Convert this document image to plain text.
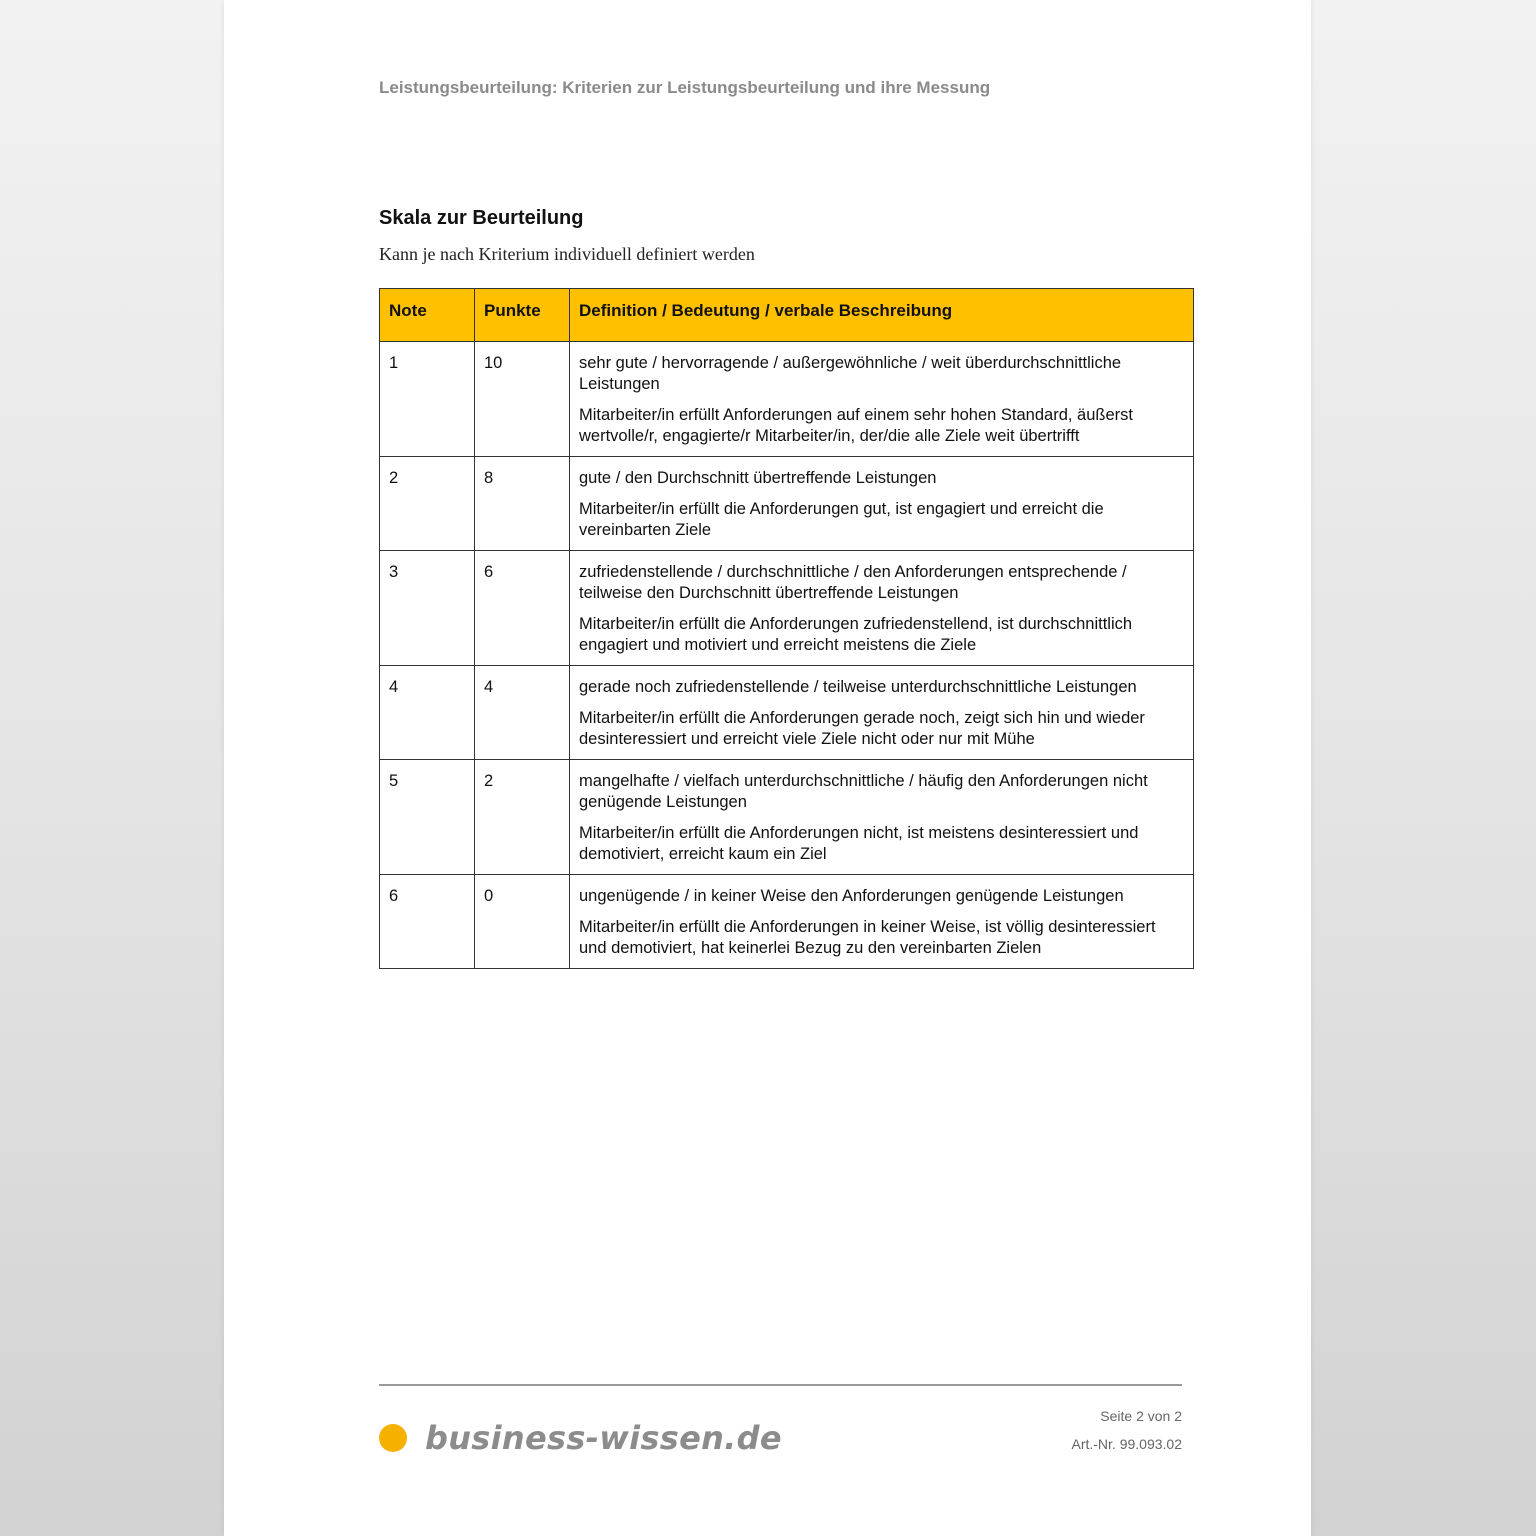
Leistungsbeurteilung: Kriterien zur Leistungsbeurteilung und ihre Messung
Skala zur Beurteilung
Kann je nach Kriterium individuell definiert werden
Note	Punkte	Definition / Bedeutung / verbale Beschreibung
1	10	sehr gute / hervorragende / außergewöhnliche / weit überdurchschnittliche Leistungen

Mitarbeiter/in erfüllt Anforderungen auf einem sehr hohen Standard, äußerst wertvolle/r, engagierte/r Mitarbeiter/in, der/die alle Ziele weit übertrifft

2	8	gute / den Durchschnitt übertreffende Leistungen

Mitarbeiter/in erfüllt die Anforderungen gut, ist engagiert und erreicht die vereinbarten Ziele

3	6	zufriedenstellende / durchschnittliche / den Anforderungen entsprechende / teilweise den Durchschnitt übertreffende Leistungen

Mitarbeiter/in erfüllt die Anforderungen zufriedenstellend, ist durchschnittlich engagiert und motiviert und erreicht meistens die Ziele

4	4	gerade noch zufriedenstellende / teilweise unterdurchschnittliche Leistungen

Mitarbeiter/in erfüllt die Anforderungen gerade noch, zeigt sich hin und wieder desinteressiert und erreicht viele Ziele nicht oder nur mit Mühe

5	2	mangelhafte / vielfach unterdurchschnittliche / häufig den Anforderungen nicht genügende Leistungen

Mitarbeiter/in erfüllt die Anforderungen nicht, ist meistens desinteressiert und demotiviert, erreicht kaum ein Ziel

6	0	ungenügende / in keiner Weise den Anforderungen genügende Leistungen

Mitarbeiter/in erfüllt die Anforderungen in keiner Weise, ist völlig desinteressiert und demotiviert, hat keinerlei Bezug zu den vereinbarten Zielen

business-wissen.de
Seite 2 von 2
Art.-Nr. 99.093.02
